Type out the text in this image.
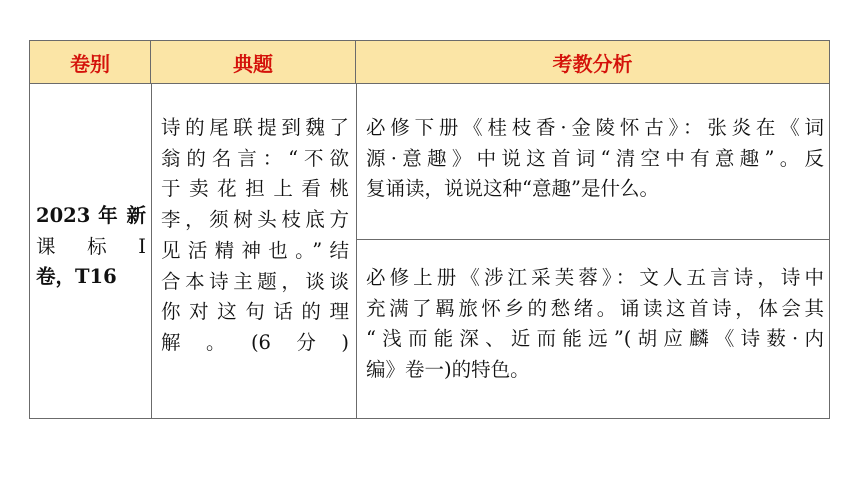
卷别	典题	考教分析
2023 年 新
课 标 Ⅰ
卷，T16
诗的尾联提到魏了
翁的名言：“不欲
于卖花担上看桃
李，须树头枝底方
见活精神也。”结
合本诗主题，谈谈
你对这句话的理
解。(6分)
必修下册《桂枝香·金陵怀古》：张炎在《词
源·意趣》中说这首词“清空中有意趣”。反
复诵读，说说这种“意趣”是什么。
必修上册《涉江采芙蓉》：文人五言诗，诗中
充满了羁旅怀乡的愁绪。诵读这首诗，体会其
“浅而能深、近而能远”(胡应麟《诗薮·内
编》卷一)的特色。
